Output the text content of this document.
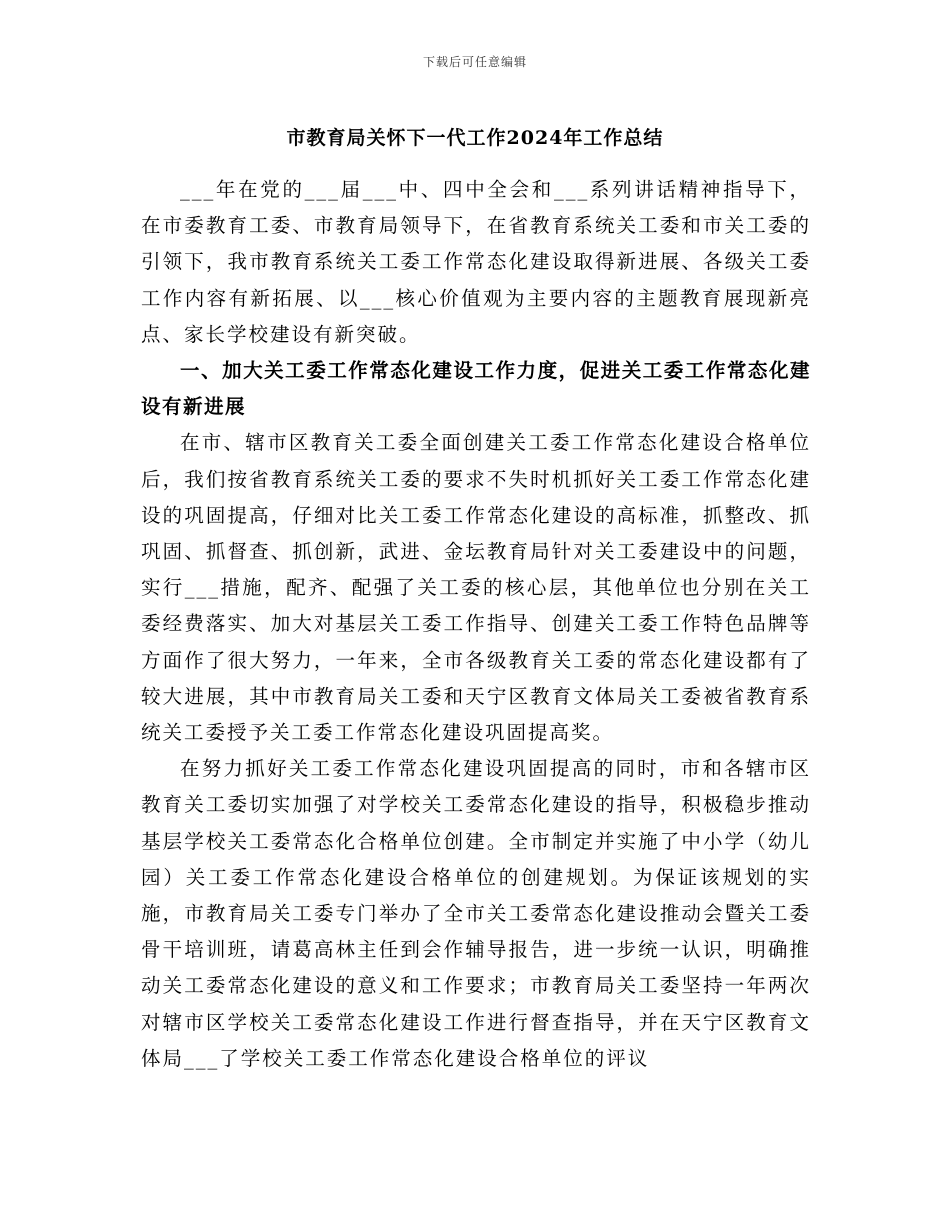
下载后可任意编辑
市教育局关怀下一代工作2024年工作总结

___年在党的___届___中、四中全会和___系列讲话精神指导下，在市委教育工委、市教育局领导下，在省教育系统关工委和市关工委的引领下，我市教育系统关工委工作常态化建设取得新进展、各级关工委工作内容有新拓展、以___核心价值观为主要内容的主题教育展现新亮点、家长学校建设有新突破。

一、加大关工委工作常态化建设工作力度，促进关工委工作常态化建设有新进展

在市、辖市区教育关工委全面创建关工委工作常态化建设合格单位后，我们按省教育系统关工委的要求不失时机抓好关工委工作常态化建设的巩固提高，仔细对比关工委工作常态化建设的高标准，抓整改、抓巩固、抓督查、抓创新，武进、金坛教育局针对关工委建设中的问题，实行___措施，配齐、配强了关工委的核心层，其他单位也分别在关工委经费落实、加大对基层关工委工作指导、创建关工委工作特色品牌等方面作了很大努力，一年来，全市各级教育关工委的常态化建设都有了较大进展，其中市教育局关工委和天宁区教育文体局关工委被省教育系统关工委授予关工委工作常态化建设巩固提高奖。

在努力抓好关工委工作常态化建设巩固提高的同时，市和各辖市区教育关工委切实加强了对学校关工委常态化建设的指导，积极稳步推动基层学校关工委常态化合格单位创建。全市制定并实施了中小学（幼儿园）关工委工作常态化建设合格单位的创建规划。为保证该规划的实施，市教育局关工委专门举办了全市关工委常态化建设推动会暨关工委骨干培训班，请葛高林主任到会作辅导报告，进一步统一认识，明确推动关工委常态化建设的意义和工作要求；市教育局关工委坚持一年两次对辖市区学校关工委常态化建设工作进行督查指导，并在天宁区教育文体局___了学校关工委工作常态化建设合格单位的评议
